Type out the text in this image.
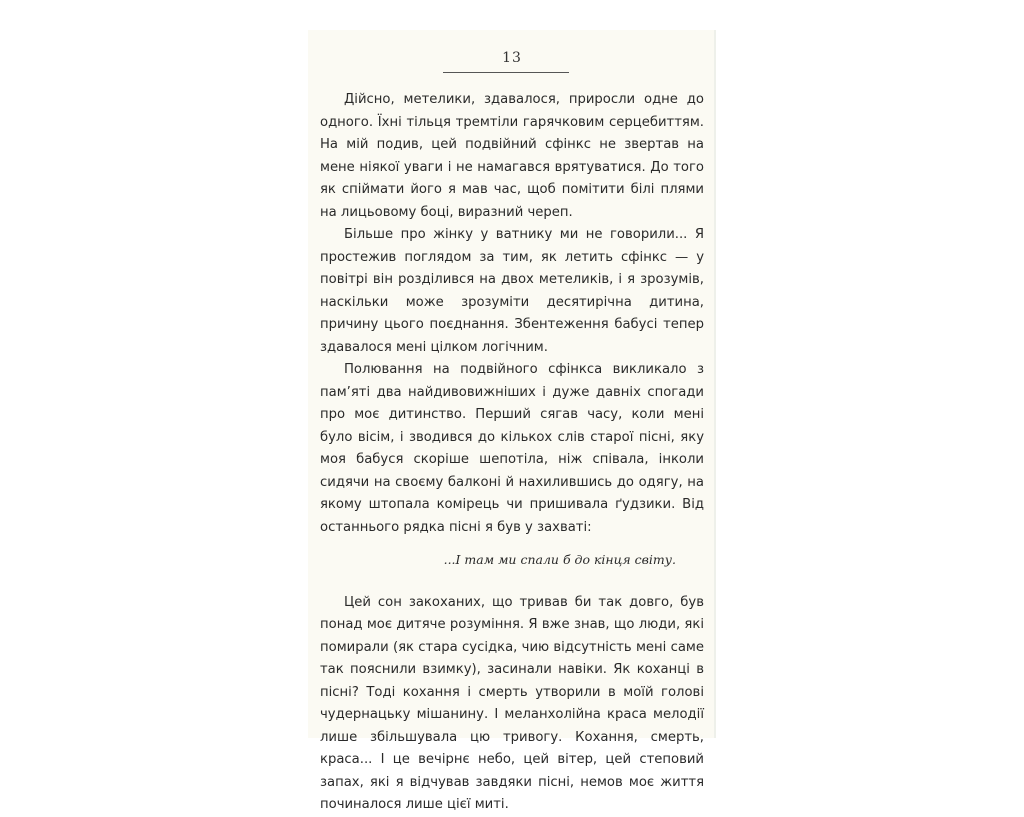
13

Дійсно, метелики, здавалося, приросли одне до одного. Їхні тільця тремтіли гарячковим серцебиттям. На мій подив, цей подвійний сфінкс не звертав на мене ніякої уваги і не намагався врятуватися. До того як спіймати його я мав час, щоб помітити білі плями на лицьовому боці, виразний череп.

Більше про жінку у ватнику ми не говорили... Я простежив поглядом за тим, як летить сфінкс — у повітрі він розділився на двох метеликів, і я зрозумів, наскільки може зрозуміти десятирічна дитина, причину цього поєднання. Збентеження бабусі тепер здавалося мені цілком логічним.

Полювання на подвійного сфінкса викликало з пам’яті два найдивовижніших і дуже давніх спогади про моє дитинство. Перший сягав часу, коли мені було вісім, і зводився до кількох слів старої пісні, яку моя бабуся скоріше шепотіла, ніж співала, інколи сидячи на своєму балконі й нахилившись до одягу, на якому штопала комірець чи пришивала ґудзики. Від останнього рядка пісні я був у захваті:

...І там ми спали б до кінця світу.

Цей сон закоханих, що тривав би так довго, був понад моє дитяче розуміння. Я вже знав, що люди, які помирали (як стара сусідка, чию відсутність мені саме так пояснили взимку), засинали навіки. Як коханці в пісні? Тоді кохання і смерть утворили в моїй голові чудернацьку мішанину. І меланхолійна краса мелодії лише збільшувала цю тривогу. Кохання, смерть, краса... І це вечірнє небо, цей вітер, цей степовий запах, які я відчував завдяки пісні, немов моє життя починалося лише цієї миті.
